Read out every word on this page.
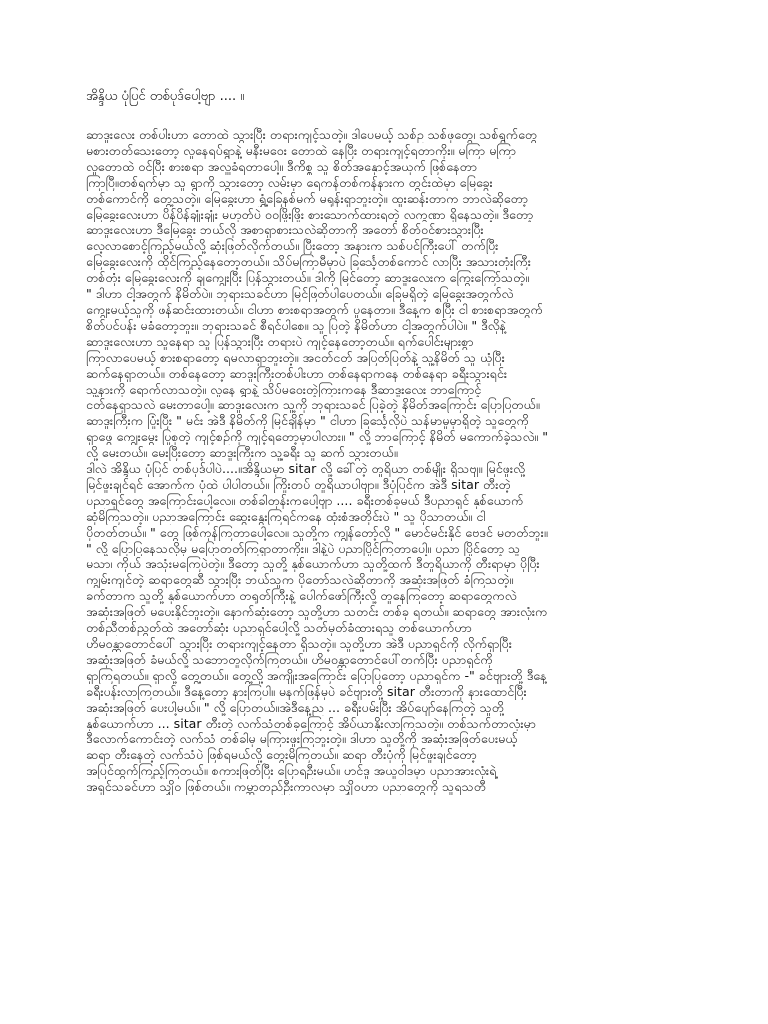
အိန္ဒိယ ပုံပြင် တစ်ပုဒ်ပေါ့ဗျာ .... ။
ဆာဒူးလေး တစ်ပါးဟာ တောထဲ သွားပြီး တရားကျင့်သတဲ့။ ဒါပေမယ့် သစ်ဥ သစ်ဖုတွေ၊ သစ်ရွက်တွေ
မစားတတ်သေးတော့ လူနေရပ်ရွာနဲ့ မနီးမဝေး တောထဲ နေပြီး တရားကျင့်ရတာကိုး။ မကြာ မကြာ
လူတောထဲ ဝင်ပြီး စားစရာ အလှူခံရတာပေါ့။ ဒီကိစ္စ သူ စိတ်အနှောင့်အယှက် ဖြစ်နေတာ
ကြာပြီ။တစ်ရက်မှာ သူ ရွာကို သွားတော့ လမ်းမှာ ရေကန်တစ်ကန်နားက တွင်းထဲမှာ မြေခွေး
တစ်ကောင်ကို တွေ့သတဲ့။ မြေခွေးဟာ ရွှံ့ခြေနစ်မက် မရုန်းရှာဘူးတဲ့။ ထူးဆန်းတာက ဘာလဲဆိုတော့
မြေခွေးလေးဟာ ပိန်ပိန်ချုံးချုံး မဟုတ်ပဲ ဝဝဖြိုးဖြိုး စားသောက်ထားရတဲ့ လက္ခဏာ ရှိနေသတဲ့။ ဒီတော့
ဆာဒူးလေးဟာ ဒီမြေခွေး ဘယ်လို အစာရှာစားသလဲဆိုတာကို အတော် စိတ်ဝင်စားသွားပြီး
လေ့လာစောင့်ကြည့်မယ်လို့ ဆုံးဖြတ်လိုက်တယ်။ ပြီးတော့ အနားက သစ်ပင်ကြီးပေါ် တက်ပြီး
မြေခွေးလေးကို ထိုင်ကြည့်နေတော့တယ်။ သိပ်မကြာမီမှာပဲ ခြင်္သေ့တစ်ကောင် လာပြီး အသားတုံးကြီး
တစ်တုံး မြေခွေးလေးကို ချကျွေးပြီး ပြန်သွားတယ်။ ဒါကို မြင်တော့ ဆာဒူးလေးက ကြွေးကြော်သတဲ့။
" ဒါဟာ ငါ့အတွက် နိမိတ်ပဲ။ ဘုရားသခင်ဟာ မြင်ဖြတ်ပါပေတယ်။ ခြေမရှိတဲ့ မြေခွေးအတွက်လဲ
ကျွေးမယ့်သူကို ဖန်ဆင်းထားတယ်။ ငါဟာ စားစရာအတွက် ပူနေတာ။ ဒီနေ့က စပြီး ငါ စားစရာအတွက်
စိတ်ပင်ပန်း မခံတော့ဘူး။ ဘုရားသခင် စီရင်ပါစေ။ သူ ပြတဲ့ နိမိတ်ဟာ ငါ့အတွက်ပါပဲ။ " ဒီလိုနဲ့
ဆာဒူးလေးဟာ သူနေရာ သူ ပြန်သွားပြီး တရားပဲ ကျင့်နေတော့တယ်။ ရက်ပေါင်းများစွာ
ကြာလာပေမယ့် စားစရာတော့ ရမလာရှာဘူးတဲ့။ အငတ်ငတ် အပြတ်ပြတ်နဲ့ သူ့နိမိတ် သူ ယုံပြီး
ဆက်နေရှာတယ်။ တစ်နေတော့ ဆာဒူးကြီးတစ်ပါးဟာ တစ်နေရာကနေ တစ်နေရာ ခရီးသွားရင်း
သူ့နားကို ရောက်လာသတဲ့။ လူနေ ရွာနဲ့ သိပ်မဝေးတဲ့ကြားကနေ ဒီဆာဒူးလေး ဘာကြောင့်
ငတ်နေရှာသလဲ မေးတာပေါ့။ ဆာဒူးလေးက သူ့ကို ဘုရားသခင် ပြခဲ့တဲ့ နိမိတ်အကြောင်း ပြောပြတယ်။
ဆာဒူးကြီးက ပြုံးပြီး " မင်း အဲဒီ နိမိတ်ကို မြင်ချိန်မှာ " ငါဟာ ခြင်္သေ့လိုပဲ သန်မာမှုမှာရှိတဲ့ သူတွေကို
ရှာဖွေ ကျွေးမွေး ပြုစုတဲ့ ကျင့်စဉ်ကို ကျင့်ရတော့မှာပါလား။ " လို့ ဘာကြောင့် နိမိတ် မကောက်ခဲ့သလဲ။ "
လို့ မေးတယ်။ မေးပြီးတော့ ဆာဒူးကြီးက သူ့ခရီး သူ ဆက် သွားတယ်။
ဒါလဲ အိန္ဒိယ ပုံပြင် တစ်ပုဒ်ပါပဲ....။အိန္ဒိယမှာ sitar လို့ ခေါ်တဲ့ တူရိယာ တစ်မျိုး ရှိသဗျ။ မြင်ဖူးလို့
မြင်ဖူးချင်ရင် အောက်က ပုံထဲ ပါပါတယ်။ ကြိုးတပ် တူရိယာပါဗျာ။ ဒီပုံပြင်က အဲဒီ sitar တီးတဲ့
ပညာရှင်တွေ အကြောင်းပေါ့လေ။ တစ်ခါတုန်းကပေါ့ဗျာ .... ခရီးတစ်ခုမယ် ဒီပညာရှင် နှစ်ယောက်
ဆုံမိကြသတဲ့။ ပညာအကြောင်း ဆွေးနွေးကြရင်ကနေ ထုံးစံအတိုင်းပဲ " သူ ပိုသာတယ်။ ငါ
ပိုတတ်တယ်။ " တွေ ဖြစ်ကုန်ကြတာပေါ့လေ။ သူတို့က ကျွန်တော့်လို " မောင်မင်းနိုင် ဗေဒင် မတတ်ဘူး။
" လို့ ပြောပြနေသလိုမှ မပြောတတ်ကြရှာတာကိုး။ ဒါနဲ့ပဲ ပညာပြိုင်ကြတာပေါ့။ ပညာ ပြိုင်တော့ သူ
မသာ၊ ကိုယ် အသုံးမကြေပဲတဲ့။ ဒီတော့ သူတို့ နှစ်ယောက်ဟာ သူတို့ထက် ဒီတူရိယာကို တီးရာမှာ ပိုပြီး
ကျွမ်းကျင်တဲ့ ဆရာတွေဆီ သွားပြီး ဘယ်သူက ပိုတော်သလဲဆိုတာကို အဆုံးအဖြတ် ခံကြသတဲ့။
ခက်တာက သူတို့ နှစ်ယောက်ဟာ တရုတ်ကြီးနဲ့ ပေါက်ဖော်ကြီးလို့ တူနေကြတော့ ဆရာတွေကလဲ
အဆုံးအဖြတ် မပေးနိုင်ဘူးတဲ့။ နောက်ဆုံးတော့ သူတို့ဟာ သတင်း တစ်ခု ရတယ်။ ဆရာတွေ အားလုံးက
တစ်ညီတစ်ညွတ်ထဲ အတော်ဆုံး ပညာရှင်ပေါ့လို့ သတ်မှတ်ခံထားရသူ တစ်ယောက်ဟာ
ဟိမဝန္တာတောင်ပေါ် သွားပြီး တရားကျင့်နေတာ ရှိသတဲ့။ သူတို့ဟာ အဲဒီ ပညာရှင်ကို လိုက်ရှာပြီး
အဆုံးအဖြတ် ခံမယ်လို့ သဘောတူလိုက်ကြတယ်။ ဟိမဝန္တာတောင်ပေါ်တက်ပြီး ပညာရှင်ကို
ရှာကြရတယ်။ ရှာလို့ တွေ့တယ်။ တွေ့လို့ အကျိုးအကြောင်း ပြောပြတော့ ပညာရှင်က -" ခင်ဗျားတို့ ဒီနေ့
ခရီးပန်းလာကြတယ်။ ဒီနေ့တော့ နားကြပါ။ မနက်ဖြန်မှပဲ ခင်ဗျားတို့ sitar တီးတာကို နားထောင်ပြီး
အဆုံးအဖြတ် ပေးပါ့မယ်။ " လို့ ပြောတယ်။အဲဒီနေ့ည ... ခရီးပမ်းပြီး အိပ်ပျော်နေကြတဲ့ သူတို့
နှစ်ယောက်ဟာ ... sitar တီးတဲ့ လက်သံတစ်ခုကြောင့် အိပ်ယာနိုးလာကြသတဲ့။ တစ်သက်တာလုံးမှာ
ဒီလောက်ကောင်းတဲ့ လက်သံ တစ်ခါမှ မကြားဖူးကြဘူးတဲ့။ ဒါဟာ သူတို့ကို အဆုံးအဖြတ်ပေးမယ့်
ဆရာ တီးနေတဲ့ လက်သံပဲ ဖြစ်ရမယ်လို့ တွေးမိကြတယ်။ ဆရာ တီးပုံကို မြင်ဖူးချင်တော့
အပြင်ထွက်ကြည့်ကြတယ်။ စကားဖြတ်ပြီး ပြောရဦးမယ်။ ဟင်ဒူ အယူဝါဒမှာ ပညာအားလုံးရဲ့
အရှင်သခင်ဟာ သျှိဝ ဖြစ်တယ်။ ကမ္ဘာတည်ဦးကာလမှာ သျှိဝဟာ ပညာတွေကို သူရသတီ
